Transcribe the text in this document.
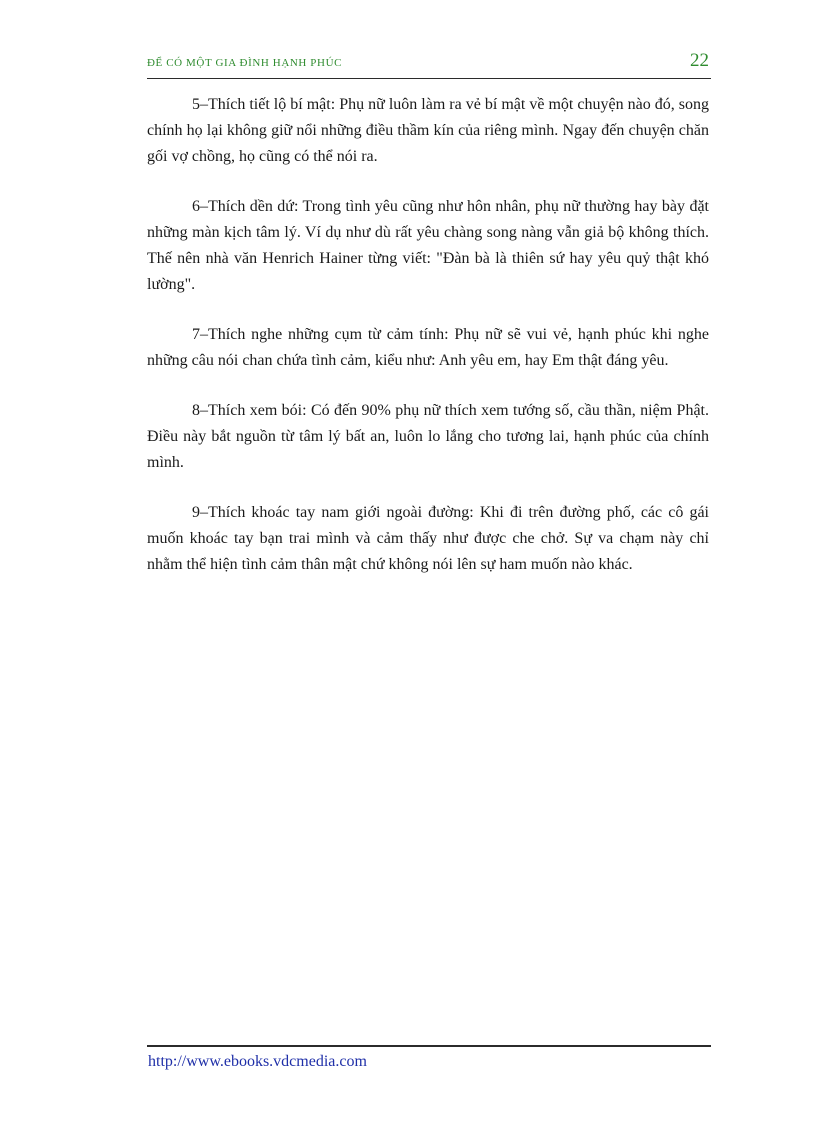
ĐỂ CÓ MỘT GIA ĐÌNH HẠNH PHÚC	22

5–Thích tiết lộ bí mật: Phụ nữ luôn làm ra vẻ bí mật về một chuyện nào đó, song chính họ lại không giữ nổi những điều thầm kín của riêng mình. Ngay đến chuyện chăn gối vợ chồng, họ cũng có thể nói ra.

6–Thích dền dứ: Trong tình yêu cũng như hôn nhân, phụ nữ thường hay bày đặt những màn kịch tâm lý. Ví dụ như dù rất yêu chàng song nàng vẫn giả bộ không thích. Thế nên nhà văn Henrich Hainer từng viết: "Đàn bà là thiên sứ hay yêu quỷ thật khó lường".

7–Thích nghe những cụm từ cảm tính: Phụ nữ sẽ vui vẻ, hạnh phúc khi nghe những câu nói chan chứa tình cảm, kiểu như: Anh yêu em, hay Em thật đáng yêu.

8–Thích xem bói: Có đến 90% phụ nữ thích xem tướng số, cầu thần, niệm Phật. Điều này bắt nguồn từ tâm lý bất an, luôn lo lắng cho tương lai, hạnh phúc của chính mình.

9–Thích khoác tay nam giới ngoài đường: Khi đi trên đường phố, các cô gái muốn khoác tay bạn trai mình và cảm thấy như được che chở. Sự va chạm này chỉ nhằm thể hiện tình cảm thân mật chứ không nói lên sự ham muốn nào khác.

http://www.ebooks.vdcmedia.com
